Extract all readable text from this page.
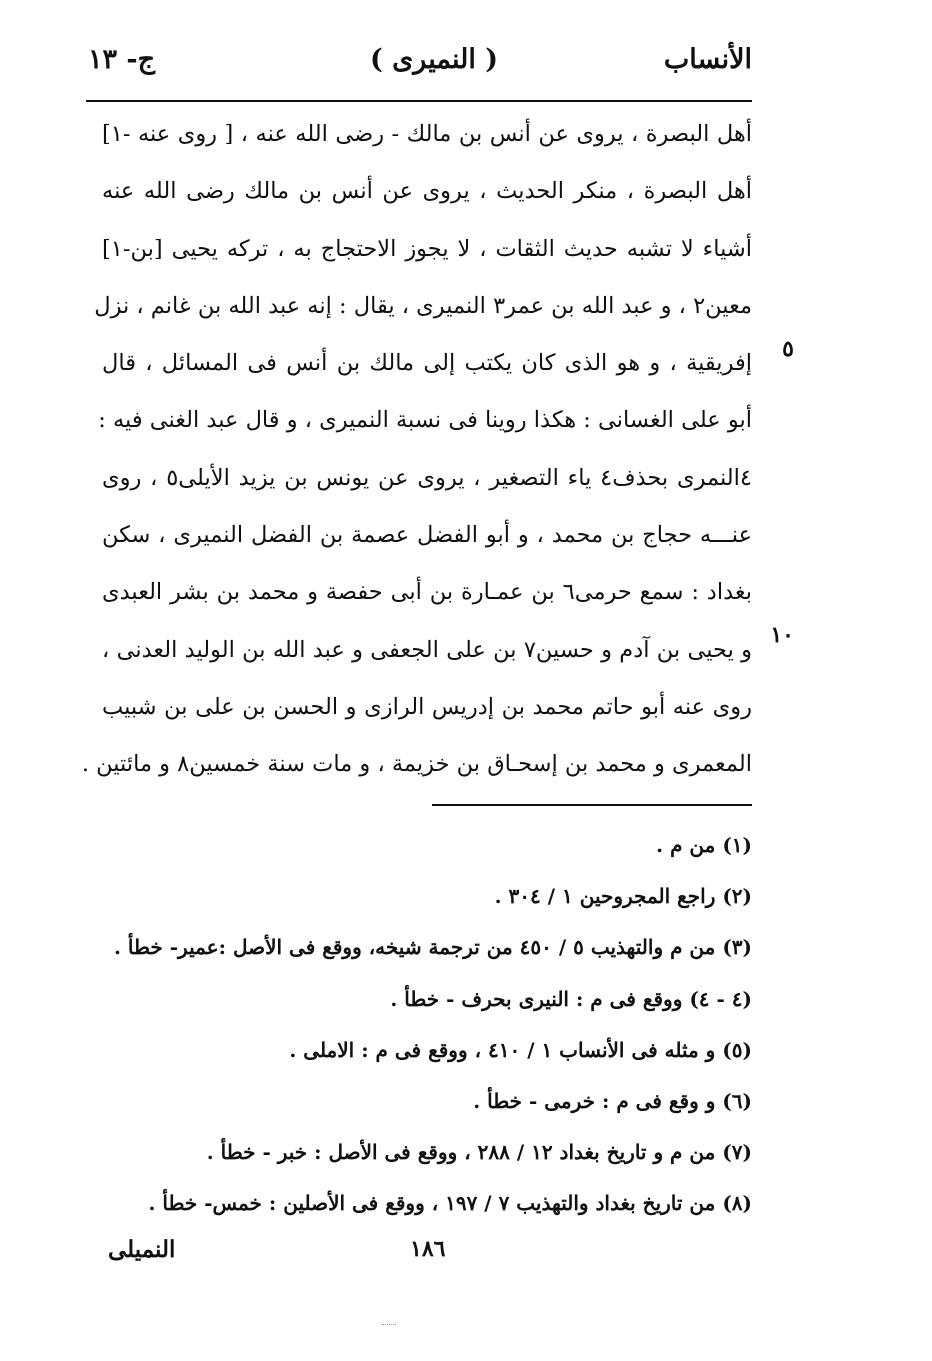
الأنساب
( النميرى )
ج- ١٣
أهل البصرة ، يروى عن أنس بن مالك - رضى الله عنه ، [ روى عنه -١]
أهل البصرة ، منكر الحديث ، يروى عن أنس بن مالك رضى الله عنه
أشياء لا تشبه حديث الثقات ، لا يجوز الاحتجاج به ، تركه يحيى [بن-١]
معين٢ ، و عبد الله بن عمر٣ النميرى ، يقال : إنه عبد الله بن غانم ، نزل
إفريقية ، و هو الذى كان يكتب إلى مالك بن أنس فى المسائل ، قال
أبو على الغسانى : هكذا روينا فى نسبة النميرى ، و قال عبد الغنى فيه :
٤النمرى بحذف٤ ياء التصغير ، يروى عن يونس بن يزيد الأيلى٥ ، روى
عنـــه حجاج بن محمد ، و أبو الفضل عصمة بن الفضل النميرى ، سكن
بغداد : سمع حرمى٦ بن عمـارة بن أبى حفصة و محمد بن بشر العبدى
و يحيى بن آدم و حسين٧ بن على الجعفى و عبد الله بن الوليد العدنى ،
روى عنه أبو حاتم محمد بن إدريس الرازى و الحسن بن على بن شبيب
المعمرى و محمد بن إسحـاق بن خزيمة ، و مات سنة خمسين٨ و مائتين .
٥
١٠
(١) من م .
(٢) راجع المجروحين ١ / ٣٠٤ .
(٣) من م والتهذيب ٥ / ٤٥٠ من ترجمة شيخه، ووقع فى الأصل :عمير- خطأ .
(٤ - ٤) ووقع فى م : النيرى بحرف - خطأ .
(٥) و مثله فى الأنساب ١ / ٤١٠ ، ووقع فى م : الاملى .
(٦) و وقع فى م : خرمى - خطأ .
(٧) من م و تاريخ بغداد ١٢ / ٢٨٨ ، ووقع فى الأصل : خبر - خطأ .
(٨) من تاريخ بغداد والتهذيب ٧ / ١٩٧ ، ووقع فى الأصلين : خمس- خطأ .
١٨٦
النميلى
